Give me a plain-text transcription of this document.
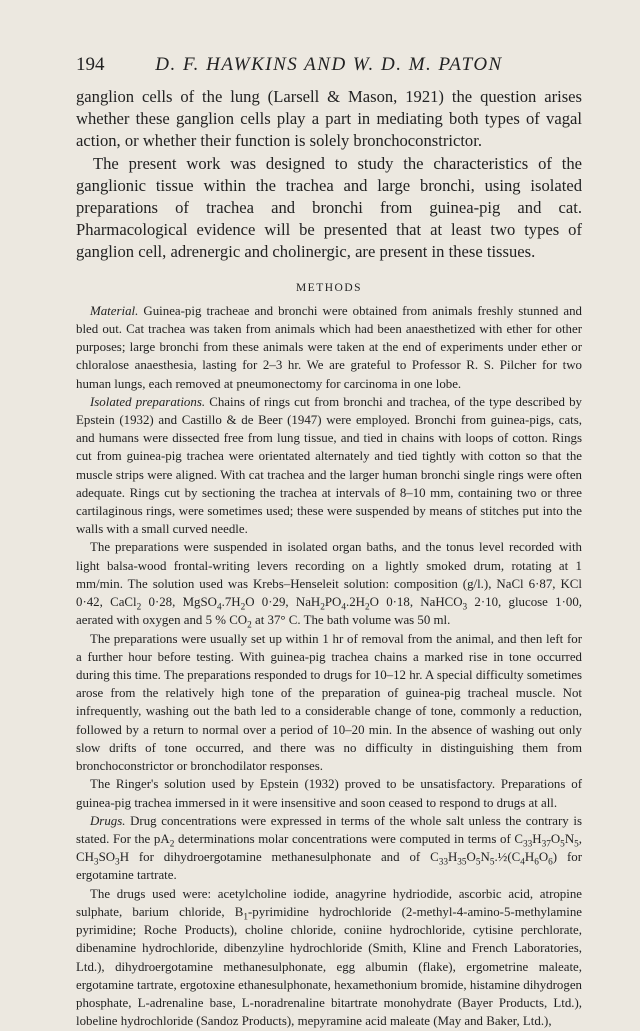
194	D. F. HAWKINS AND W. D. M. PATON

ganglion cells of the lung (Larsell & Mason, 1921) the question arises whether these ganglion cells play a part in mediating both types of vagal action, or whether their function is solely bronchoconstrictor.

The present work was designed to study the characteristics of the ganglionic tissue within the trachea and large bronchi, using isolated preparations of trachea and bronchi from guinea-pig and cat. Pharmacological evidence will be presented that at least two types of ganglion cell, adrenergic and cholinergic, are present in these tissues.

METHODS

Material. Guinea-pig tracheae and bronchi were obtained from animals freshly stunned and bled out. Cat trachea was taken from animals which had been anaesthetized with ether for other purposes; large bronchi from these animals were taken at the end of experiments under ether or chloralose anaesthesia, lasting for 2–3 hr. We are grateful to Professor R. S. Pilcher for two human lungs, each removed at pneumonectomy for carcinoma in one lobe.

Isolated preparations. Chains of rings cut from bronchi and trachea, of the type described by Epstein (1932) and Castillo & de Beer (1947) were employed. Bronchi from guinea-pigs, cats, and humans were dissected free from lung tissue, and tied in chains with loops of cotton. Rings cut from guinea-pig trachea were orientated alternately and tied tightly with cotton so that the muscle strips were aligned. With cat trachea and the larger human bronchi single rings were often adequate. Rings cut by sectioning the trachea at intervals of 8–10 mm, containing two or three cartilaginous rings, were sometimes used; these were suspended by means of stitches put into the walls with a small curved needle.

The preparations were suspended in isolated organ baths, and the tonus level recorded with light balsa-wood frontal-writing levers recording on a lightly smoked drum, rotating at 1 mm/min. The solution used was Krebs–Henseleit solution: composition (g/l.), NaCl 6·87, KCl 0·42, CaCl$_2$ 0·28, $MgSO_4.7H_2O$ 0·29, $NaH_2PO_4.2H_2O$ 0·18, NaHCO$_3$ 2·10, glucose 1·00, aerated with oxygen and 5 % $CO_2$ at 37° C. The bath volume was 50 ml.

The preparations were usually set up within 1 hr of removal from the animal, and then left for a further hour before testing. With guinea-pig trachea chains a marked rise in tone occurred during this time. The preparations responded to drugs for 10–12 hr. A special difficulty sometimes arose from the relatively high tone of the preparation of guinea-pig tracheal muscle. Not infrequently, washing out the bath led to a considerable change of tone, commonly a reduction, followed by a return to normal over a period of 10–20 min. In the absence of washing out only slow drifts of tone occurred, and there was no difficulty in distinguishing them from bronchoconstrictor or bronchodilator responses.

The Ringer's solution used by Epstein (1932) proved to be unsatisfactory. Preparations of guinea-pig trachea immersed in it were insensitive and soon ceased to respond to drugs at all.

Drugs. Drug concentrations were expressed in terms of the whole salt unless the contrary is stated. For the $pA_2$ determinations molar concentrations were computed in terms of $C_{33}H_{37}O_5N_5$, $CH_3SO_3H$ for dihydroergotamine methanesulphonate and of $C_{33}H_{35}O_5N_5.\frac{1}{2}(C_4H_6O_6)$ for ergotamine tartrate.

The drugs used were: acetylcholine iodide, anagyrine hydriodide, ascorbic acid, atropine sulphate, barium chloride, $B_1$-pyrimidine hydrochloride (2-methyl-4-amino-5-methylamine pyrimidine; Roche Products), choline chloride, coniine hydrochloride, cytisine perchlorate, dibenamine hydrochloride, dibenzyline hydrochloride (Smith, Kline and French Laboratories, Ltd.), dihydroergotamine methanesulphonate, egg albumin (flake), ergometrine maleate, ergotamine tartrate, ergotoxine ethanesulphonate, hexamethonium bromide, histamine dihydrogen phosphate, L-adrenaline base, L-noradrenaline bitartrate monohydrate (Bayer Products, Ltd.), lobeline hydrochloride (Sandoz Products), mepyramine acid maleate (May and Baker, Ltd.),
